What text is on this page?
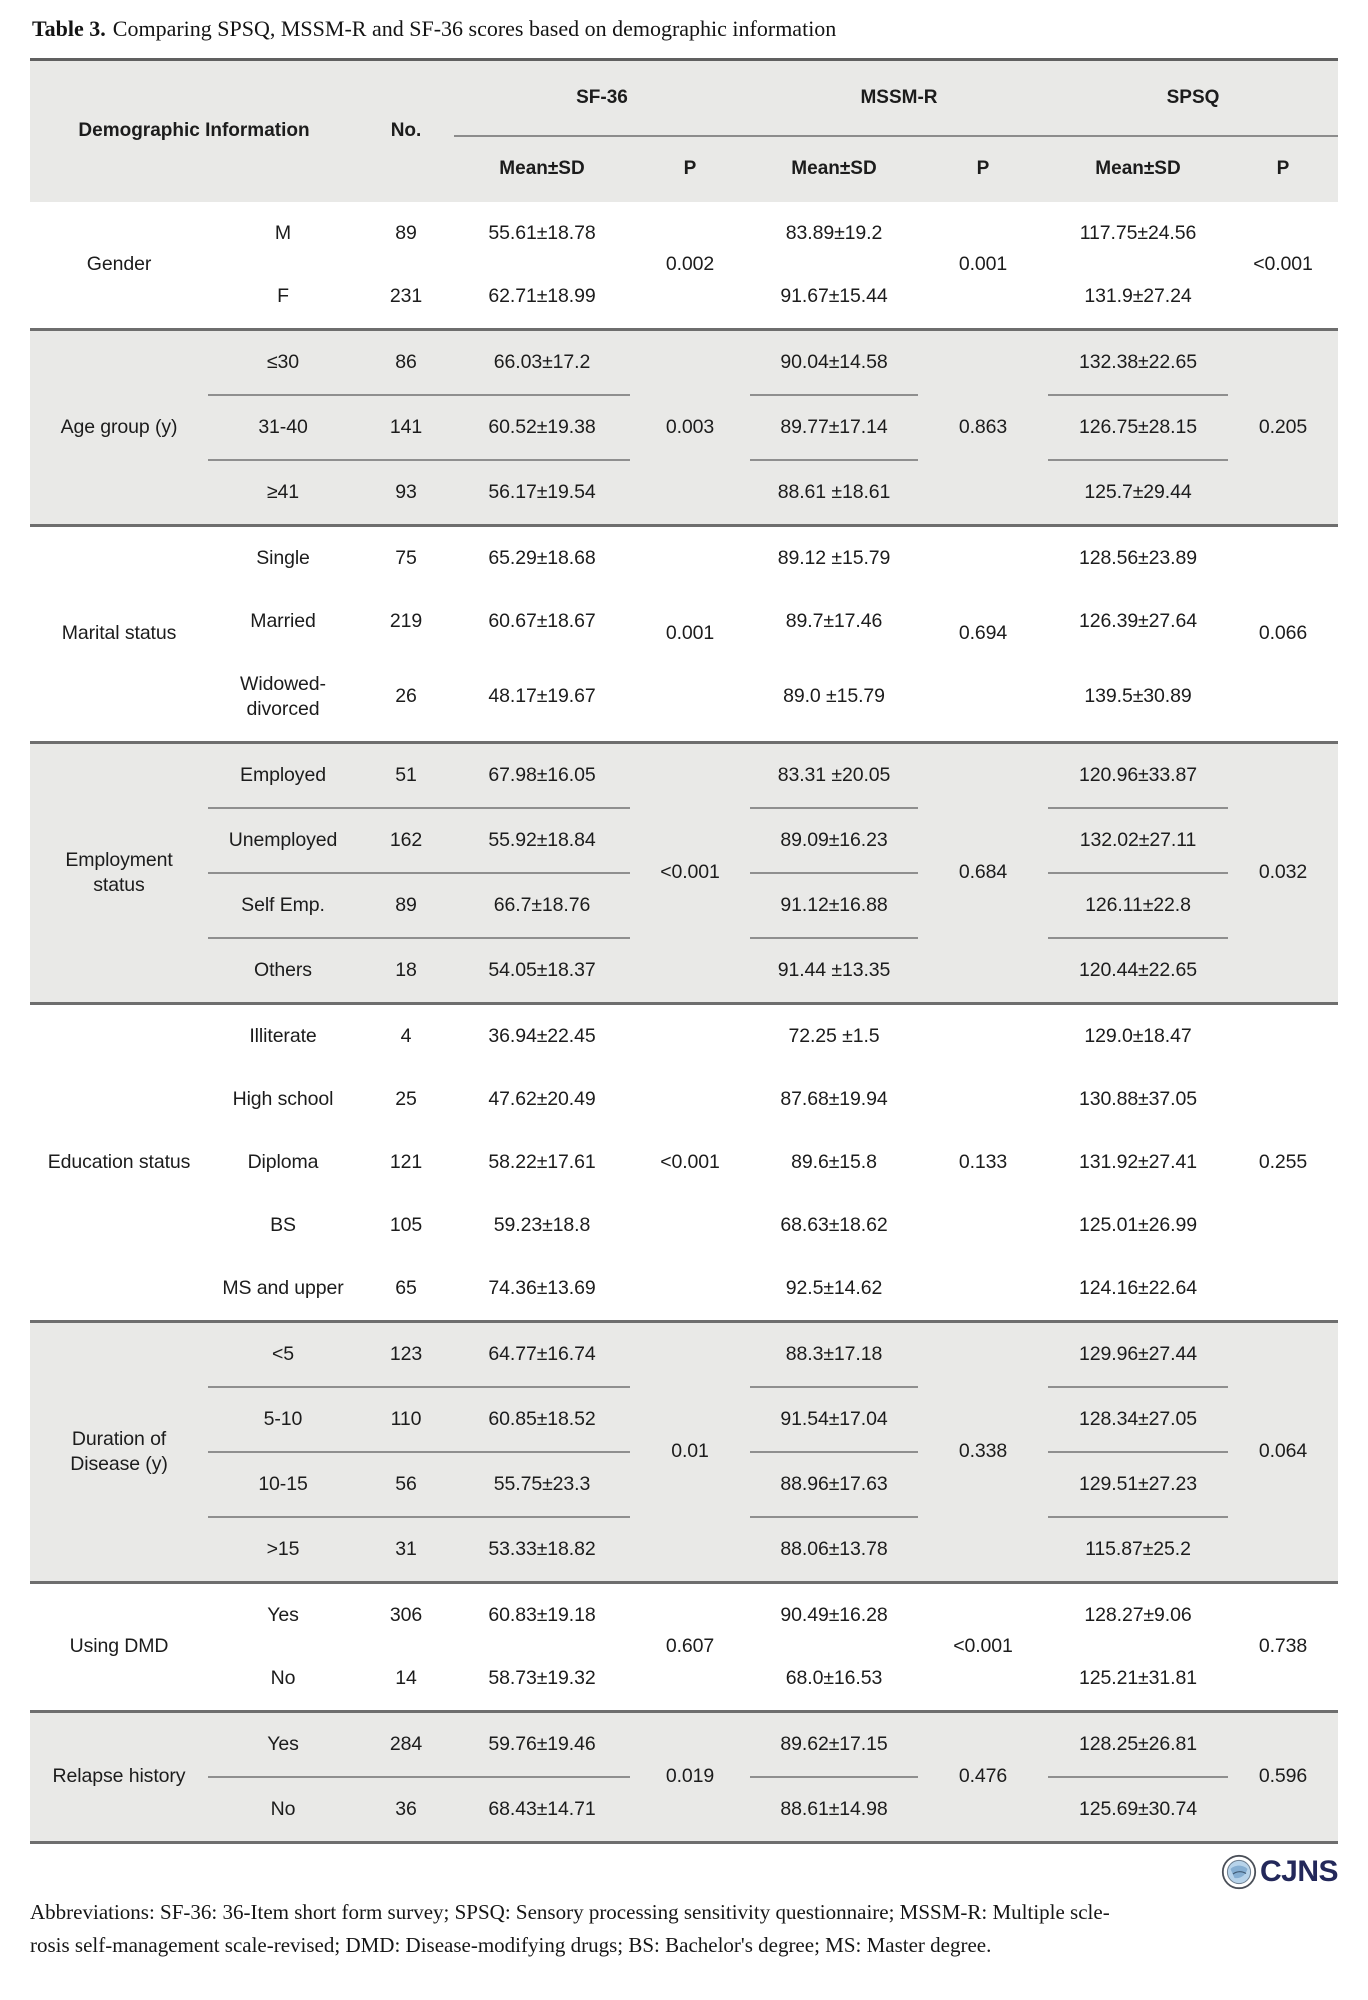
Table 3. Comparing SPSQ, MSSM-R and SF-36 scores based on demographic information
Demographic Information		No.	SF-36		MSSM-R		SPSQ	
			Mean±SD	P	Mean±SD	P	Mean±SD	P
Gender	M	89	55.61±18.78	0.002	83.89±19.2	0.001	117.75±24.56	<0.001
	F	231	62.71±18.99		91.67±15.44		131.9±27.24	
Age group (y)	≤30	86	66.03±17.2	0.003	90.04±14.58	0.863	132.38±22.65	0.205
	31-40	141	60.52±19.38		89.77±17.14		126.75±28.15	
	≥41	93	56.17±19.54		88.61 ±18.61		125.7±29.44	
Marital status	Single	75	65.29±18.68	0.001	89.12 ±15.79	0.694	128.56±23.89	0.066
	Married	219	60.67±18.67		89.7±17.46		126.39±27.64	
	Widowed-divorced	26	48.17±19.67		89.0 ±15.79		139.5±30.89	
Employment status	Employed	51	67.98±16.05	<0.001	83.31 ±20.05	0.684	120.96±33.87	0.032
	Unemployed	162	55.92±18.84		89.09±16.23		132.02±27.11	
	Self Emp.	89	66.7±18.76		91.12±16.88		126.11±22.8	
	Others	18	54.05±18.37		91.44 ±13.35		120.44±22.65	
Education status	Illiterate	4	36.94±22.45	<0.001	72.25 ±1.5	0.133	129.0±18.47	0.255
	High school	25	47.62±20.49		87.68±19.94		130.88±37.05	
	Diploma	121	58.22±17.61		89.6±15.8		131.92±27.41	
	BS	105	59.23±18.8		68.63±18.62		125.01±26.99	
	MS and upper	65	74.36±13.69		92.5±14.62		124.16±22.64	
Duration of Disease (y)	<5	123	64.77±16.74	0.01	88.3±17.18	0.338	129.96±27.44	0.064
	5-10	110	60.85±18.52		91.54±17.04		128.34±27.05	
	10-15	56	55.75±23.3		88.96±17.63		129.51±27.23	
	>15	31	53.33±18.82		88.06±13.78		115.87±25.2	
Using DMD	Yes	306	60.83±19.18	0.607	90.49±16.28	<0.001	128.27±9.06	0.738
	No	14	58.73±19.32		68.0±16.53		125.21±31.81	
Relapse history	Yes	284	59.76±19.46	0.019	89.62±17.15	0.476	128.25±26.81	0.596
	No	36	68.43±14.71		88.61±14.98		125.69±30.74	
CJNS
Abbreviations: SF-36: 36-Item short form survey; SPSQ: Sensory processing sensitivity questionnaire; MSSM-R: Multiple scle-
rosis self-management scale-revised; DMD: Disease-modifying drugs; BS: Bachelor's degree; MS: Master degree.
